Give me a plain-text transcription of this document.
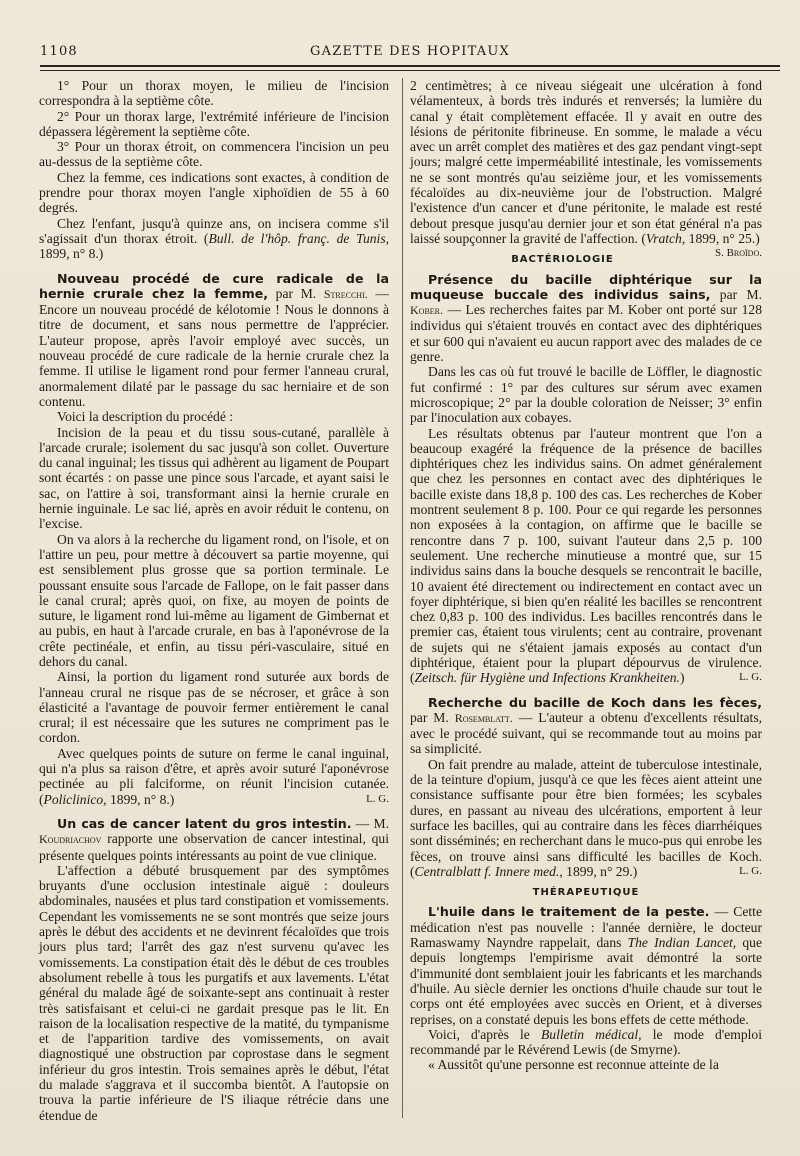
1108	GAZETTE DES HOPITAUX

1° Pour un thorax moyen, le milieu de l'incision correspondra à la septième côte.

2° Pour un thorax large, l'extrémité inférieure de l'incision dépassera légèrement la septième côte.

3° Pour un thorax étroit, on commencera l'incision un peu au-dessus de la septième côte.

Chez la femme, ces indications sont exactes, à condition de prendre pour thorax moyen l'angle xiphoïdien de 55 à 60 degrés.

Chez l'enfant, jusqu'à quinze ans, on incisera comme s'il s'agissait d'un thorax étroit. (Bull. de l'hôp. franç. de Tunis, 1899, n° 8.)

Nouveau procédé de cure radicale de la hernie crurale chez la femme, par M. Strecchi. — Encore un nouveau procédé de kélotomie ! Nous le donnons à titre de document, et sans nous permettre de l'apprécier. L'auteur propose, après l'avoir employé avec succès, un nouveau procédé de cure radicale de la hernie crurale chez la femme. Il utilise le ligament rond pour fermer l'anneau crural, anormalement dilaté par le passage du sac herniaire et de son contenu.

Voici la description du procédé :

Incision de la peau et du tissu sous-cutané, parallèle à l'arcade crurale; isolement du sac jusqu'à son collet. Ouverture du canal inguinal; les tissus qui adhèrent au ligament de Poupart sont écartés : on passe une pince sous l'arcade, et ayant saisi le sac, on l'attire à soi, transformant ainsi la hernie crurale en hernie inguinale. Le sac lié, après en avoir réduit le contenu, on l'excise.

On va alors à la recherche du ligament rond, on l'isole, et on l'attire un peu, pour mettre à découvert sa partie moyenne, qui est sensiblement plus grosse que sa portion terminale. Le poussant ensuite sous l'arcade de Fallope, on le fait passer dans le canal crural; après quoi, on fixe, au moyen de points de suture, le ligament rond lui-même au ligament de Gimbernat et au pubis, en haut à l'arcade crurale, en bas à l'aponévrose de la crête pectinéale, et enfin, au tissu péri-vasculaire, situé en dehors du canal.

Ainsi, la portion du ligament rond suturée aux bords de l'anneau crural ne risque pas de se nécroser, et grâce à son élasticité a l'avantage de pouvoir fermer entièrement le canal crural; il est nécessaire que les sutures ne compriment pas le cordon.

Avec quelques points de suture on ferme le canal inguinal, qui n'a plus sa raison d'être, et après avoir suturé l'aponévrose pectinée au pli falciforme, on réunit l'incision cutanée. (Policlinico, 1899, n° 8.)	L. G.

Un cas de cancer latent du gros intestin. — M. Koudriachov rapporte une observation de cancer intestinal, qui présente quelques points intéressants au point de vue clinique.

L'affection a débuté brusquement par des symptômes bruyants d'une occlusion intestinale aiguë : douleurs abdominales, nausées et plus tard constipation et vomissements. Cependant les vomissements ne se sont montrés que seize jours après le début des accidents et ne devinrent fécaloïdes que trois jours plus tard; l'arrêt des gaz n'est survenu qu'avec les vomissements. La constipation était dès le début de ces troubles absolument rebelle à tous les purgatifs et aux lavements. L'état général du malade âgé de soixante-sept ans continuait à rester très satisfaisant et celui-ci ne gardait presque pas le lit. En raison de la localisation respective de la matité, du tympanisme et de l'apparition tardive des vomissements, on avait diagnostiqué une obstruction par coprostase dans le segment inférieur du gros intestin. Trois semaines après le début, l'état du malade s'aggrava et il succomba bientôt. A l'autopsie on trouva la partie inférieure de l'S iliaque rétrécie dans une étendue de

2 centimètres; à ce niveau siégeait une ulcération à fond vélamenteux, à bords très indurés et renversés; la lumière du canal y était complètement effacée. Il y avait en outre des lésions de péritonite fibrineuse. En somme, le malade a vécu avec un arrêt complet des matières et des gaz pendant vingt-sept jours; malgré cette imperméabilité intestinale, les vomissements ne se sont montrés qu'au seizième jour, et les vomissements fécaloïdes au dix-neuvième jour de l'obstruction. Malgré l'existence d'un cancer et d'une péritonite, le malade est resté debout presque jusqu'au dernier jour et son état général n'a pas laissé soupçonner la gravité de l'affection. (Vratch, 1899, n° 25.)
S. Broïdo.

BACTÉRIOLOGIE

Présence du bacille diphtérique sur la muqueuse buccale des individus sains, par M. Kober. — Les recherches faites par M. Kober ont porté sur 128 individus qui s'étaient trouvés en contact avec des diphtériques et sur 600 qui n'avaient eu aucun rapport avec des malades de ce genre.

Dans les cas où fut trouvé le bacille de Löffler, le diagnostic fut confirmé : 1° par des cultures sur sérum avec examen microscopique; 2° par la double coloration de Neisser; 3° enfin par l'inoculation aux cobayes.

Les résultats obtenus par l'auteur montrent que l'on a beaucoup exagéré la fréquence de la présence de bacilles diphtériques chez les individus sains. On admet généralement que chez les personnes en contact avec des diphtériques le bacille existe dans 18,8 p. 100 des cas. Les recherches de Kober montrent seulement 8 p. 100. Pour ce qui regarde les personnes non exposées à la contagion, on affirme que le bacille se rencontre dans 7 p. 100, suivant l'auteur dans 2,5 p. 100 seulement. Une recherche minutieuse a montré que, sur 15 individus sains dans la bouche desquels se rencontrait le bacille, 10 avaient été directement ou indirectement en contact avec un foyer diphtérique, si bien qu'en réalité les bacilles se rencontrent chez 0,83 p. 100 des individus. Les bacilles rencontrés dans le premier cas, étaient tous virulents; cent au contraire, provenant de sujets qui ne s'étaient jamais exposés au contact d'un diphtérique, étaient pour la plupart dépourvus de virulence. (Zeitsch. für Hygiène und Infections Krankheiten.)	L. G.

Recherche du bacille de Koch dans les fèces, par M. Rosemblatt. — L'auteur a obtenu d'excellents résultats, avec le procédé suivant, qui se recommande tout au moins par sa simplicité.

On fait prendre au malade, atteint de tuberculose intestinale, de la teinture d'opium, jusqu'à ce que les fèces aient atteint une consistance suffisante pour être bien formées; les scybales dures, en passant au niveau des ulcérations, emportent à leur surface les bacilles, qui au contraire dans les fèces diarrhéiques sont disséminés; en recherchant dans le muco-pus qui enrobe les fèces, on trouve ainsi sans difficulté les bacilles de Koch. (Centralblatt f. Innere med., 1899, n° 29.)	L. G.

THÉRAPEUTIQUE

L'huile dans le traitement de la peste. — Cette médication n'est pas nouvelle : l'année dernière, le docteur Ramaswamy Nayndre rappelait, dans The Indian Lancet, que depuis longtemps l'empirisme avait démontré la sorte d'immunité dont semblaient jouir les fabricants et les marchands d'huile. Au siècle dernier les onctions d'huile chaude sur tout le corps ont été employées avec succès en Orient, et à diverses reprises, on a constaté depuis les bons effets de cette méthode.

Voici, d'après le Bulletin médical, le mode d'emploi recommandé par le Révérend Lewis (de Smyrne).

« Aussitôt qu'une personne est reconnue atteinte de la
